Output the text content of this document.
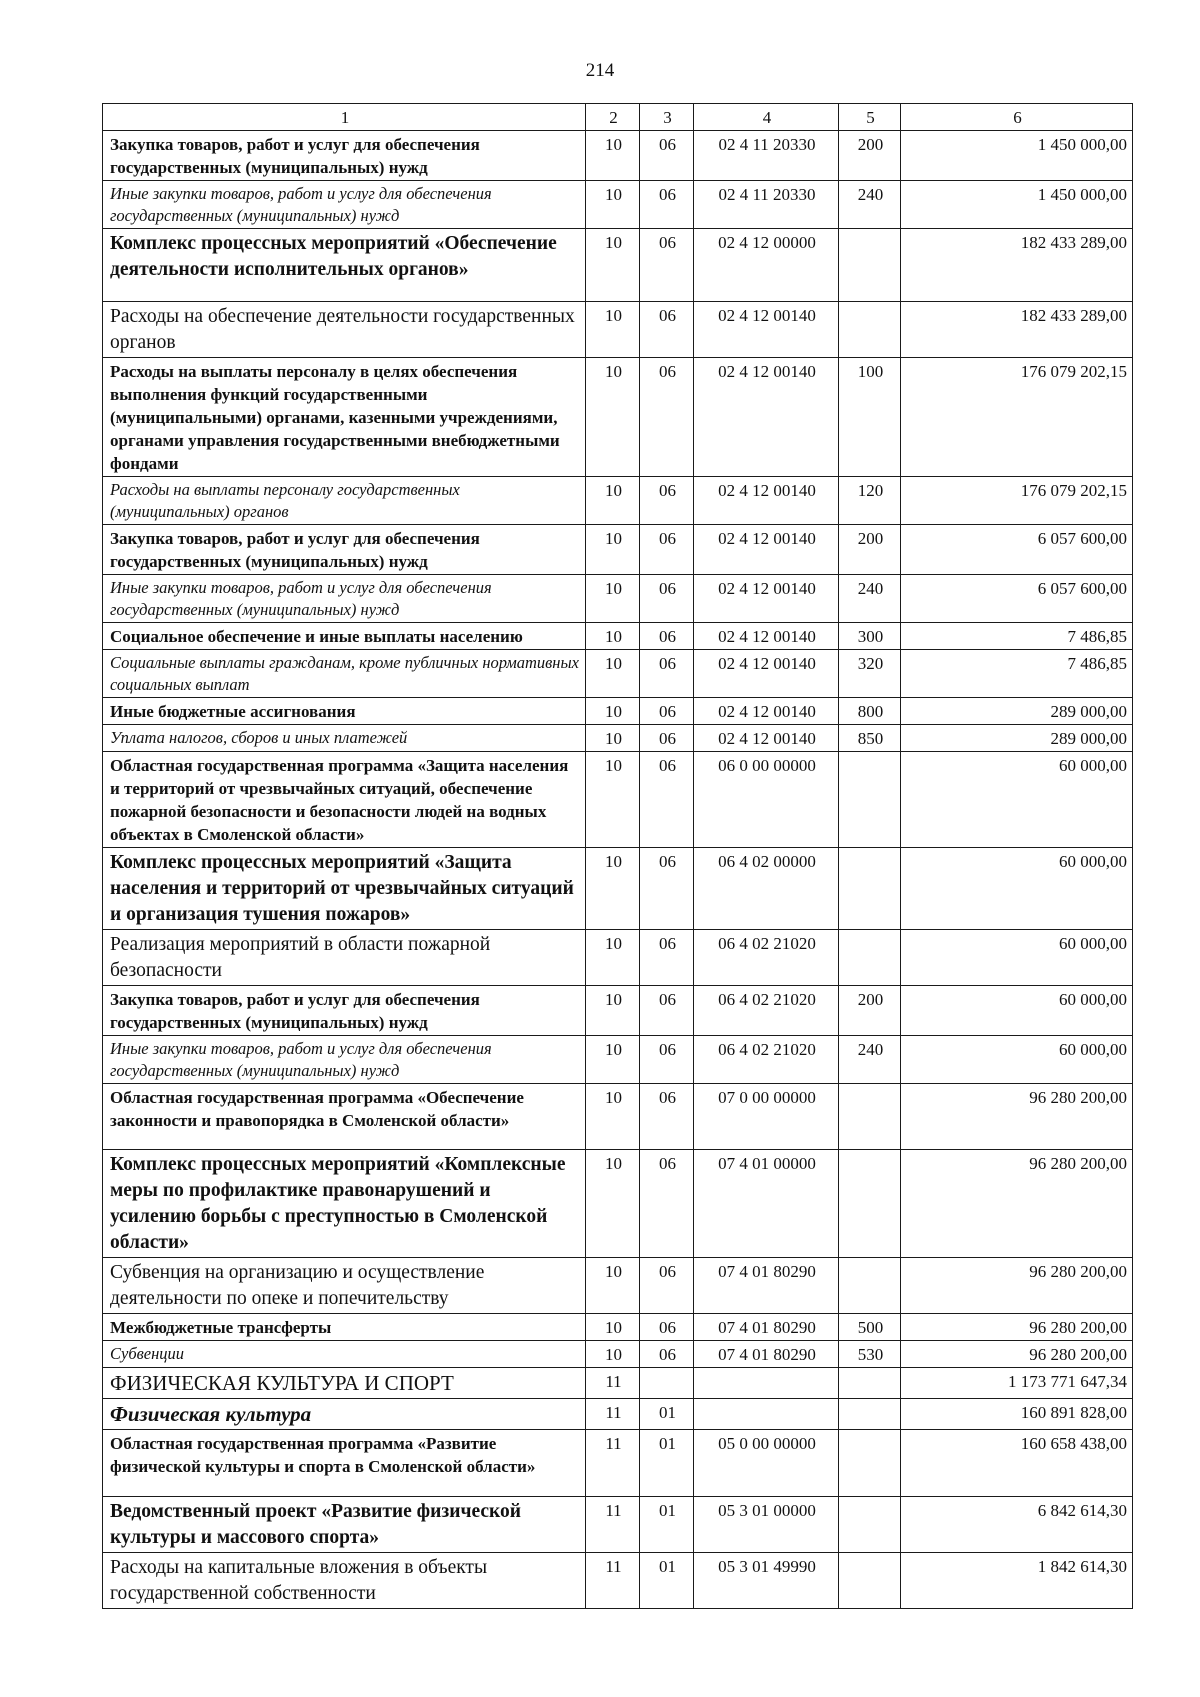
214
1	2	3	4	5	6
Закупка товаров, работ и услуг для обеспечения государственных (муниципальных) нужд	10	06	02 4 11 20330	200	1 450 000,00
Иные закупки товаров, работ и услуг для обеспечения государственных (муниципальных) нужд	10	06	02 4 11 20330	240	1 450 000,00
Комплекс процессных мероприятий «Обеспечение деятельности исполнительных органов»	10	06	02 4 12 00000		182 433 289,00
Расходы на обеспечение деятельности государственных органов	10	06	02 4 12 00140		182 433 289,00
Расходы на выплаты персоналу в целях обеспечения выполнения функций государственными (муниципальными) органами, казенными учреждениями, органами управления государственными внебюджетными фондами	10	06	02 4 12 00140	100	176 079 202,15
Расходы на выплаты персоналу государственных (муниципальных) органов	10	06	02 4 12 00140	120	176 079 202,15
Закупка товаров, работ и услуг для обеспечения государственных (муниципальных) нужд	10	06	02 4 12 00140	200	6 057 600,00
Иные закупки товаров, работ и услуг для обеспечения государственных (муниципальных) нужд	10	06	02 4 12 00140	240	6 057 600,00
Социальное обеспечение и иные выплаты населению	10	06	02 4 12 00140	300	7 486,85
Социальные выплаты гражданам, кроме публичных нормативных социальных выплат	10	06	02 4 12 00140	320	7 486,85
Иные бюджетные ассигнования	10	06	02 4 12 00140	800	289 000,00
Уплата налогов, сборов и иных платежей	10	06	02 4 12 00140	850	289 000,00
Областная государственная программа «Защита населения и территорий от чрезвычайных ситуаций, обеспечение пожарной безопасности и безопасности людей на водных объектах в Смоленской области»	10	06	06 0 00 00000		60 000,00
Комплекс процессных мероприятий «Защита населения и территорий от чрезвычайных ситуаций и организация тушения пожаров»	10	06	06 4 02 00000		60 000,00
Реализация мероприятий в области пожарной безопасности	10	06	06 4 02 21020		60 000,00
Закупка товаров, работ и услуг для обеспечения государственных (муниципальных) нужд	10	06	06 4 02 21020	200	60 000,00
Иные закупки товаров, работ и услуг для обеспечения государственных (муниципальных) нужд	10	06	06 4 02 21020	240	60 000,00
Областная государственная программа «Обеспечение законности и правопорядка в Смоленской области»	10	06	07 0 00 00000		96 280 200,00
Комплекс процессных мероприятий «Комплексные меры по профилактике правонарушений и усилению борьбы с преступностью в Смоленской области»	10	06	07 4 01 00000		96 280 200,00
Субвенция на организацию и осуществление деятельности по опеке и попечительству	10	06	07 4 01 80290		96 280 200,00
Межбюджетные трансферты	10	06	07 4 01 80290	500	96 280 200,00
Субвенции	10	06	07 4 01 80290	530	96 280 200,00
ФИЗИЧЕСКАЯ КУЛЬТУРА И СПОРТ	11				1 173 771 647,34
Физическая культура	11	01			160 891 828,00
Областная государственная программа «Развитие физической культуры и спорта в Смоленской области»	11	01	05 0 00 00000		160 658 438,00
Ведомственный проект «Развитие физической культуры и массового спорта»	11	01	05 3 01 00000		6 842 614,30
Расходы на капитальные вложения в объекты государственной собственности	11	01	05 3 01 49990		1 842 614,30
